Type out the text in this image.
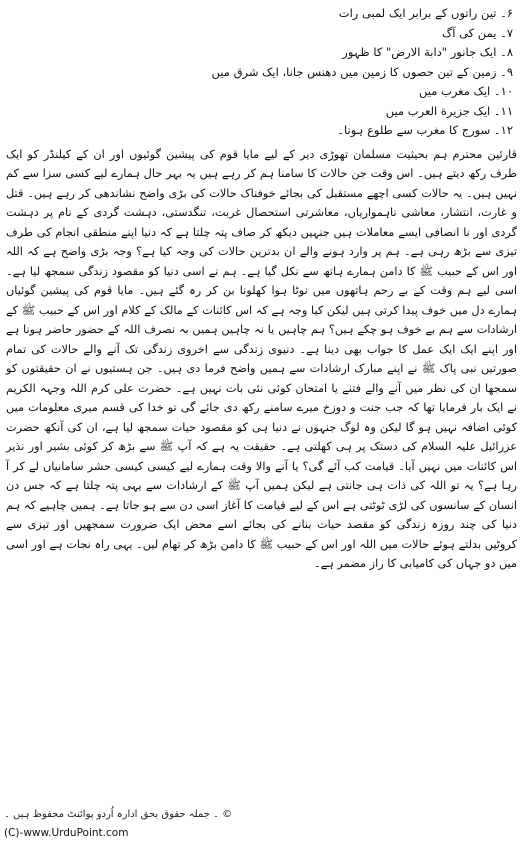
۶۔ تین راتوں کے برابر ایک لمبی رات
۷۔ یمن کی آگ
۸۔ ایک جانور "دابة الارض" کا ظہور
۹۔ زمین کے تین حصوں کا زمین میں دھنس جانا، ایک شرق میں
۱۰۔ ایک مغرب میں
۱۱۔ ایک جزیرة العرب میں
۱۲۔ سورج کا مغرب سے طلوع ہونا۔

قارئین محترم ہم بحیثیت مسلمان تھوڑی دیر کے لیے مایا قوم کی پیشین گوئیوں اور ان کے کیلنڈر کو ایک طرف رکھ دیتے ہیں۔ اس وقت جن حالات کا سامنا ہم کر رہے ہیں یہ بہر حال ہمارے لیے کسی سزا سے کم نہیں ہیں۔ یہ حالات کسی اچھے مستقبل کی بجائے خوفناک حالات کی بڑی واضح نشاندھی کر رہے ہیں۔ قتل و غارت، انتشار، معاشی ناہمواریاں، معاشرتی استحصال غربت، تنگدستی، دہشت گردی کے نام پر دہشت گردی اور نا انصافی ایسے معاملات ہیں جنہیں دیکھ کر صاف پتہ چلتا ہے کہ دنیا اپنے منطقی انجام کی طرف تیزی سے بڑھ رہی ہے۔ ہم پر وارد ہونے والے ان بدترین حالات کی وجہ کیا ہے؟ وجہ بڑی واضح ہے کہ اللہ اور اس کے حبیب ﷺ کا دامن ہمارے ہاتھ سے نکل گیا ہے۔ ہم نے اسی دنیا کو مقصود زندگی سمجھ لیا ہے۔ اسی لیے ہم وقت کے بے رحم ہاتھوں میں نوٹا ہوا کھلونا بن کر رہ گئے ہیں۔ مایا قوم کی پیشین گوئیاں ہمارے دل میں خوف پیدا کرتی ہیں لیکن کیا وجہ ہے کہ اس کائنات کے مالک کے کلام اور اس کے حبیب ﷺ کے ارشادات سے ہم بے خوف ہو چکے ہیں؟ ہم چاہیں یا نہ چاہیں ہمیں بہ نصرف اللہ کے حضور حاضر ہونا ہے اور اپنے ایک ایک عمل کا جواب بھی دینا ہے۔ دنیوی زندگی سے اخروی زندگی تک آنے والے حالات کی تمام صورتیں نبی پاک ﷺ نے اپنے مبارک ارشادات سے ہمیں واضح فرما دی ہیں۔ جن ہستیوں نے ان حقیقتوں کو سمجھا ان کی نظر میں آنے والے فتنے یا امتحان کوئی نئی بات نہیں ہے۔ حضرت علی کرم اللہ وجہہ الکریم نے ایک بار فرمایا تھا کہ جب جنت و دوزخ میرے سامنے رکھ دی جائے گی تو خدا کی قسم میری معلومات میں کوئی اضافہ نہیں ہو گا لیکن وہ لوگ جنہوں نے دنیا ہی کو مقصود حیات سمجھ لیا ہے، ان کی آنکھ حضرت عزرائیل علیہ السلام کی دستک پر ہی کھلتی ہے۔ حقیقت یہ ہے کہ آپ ﷺ سے بڑھ کر کوئی بشیر اور نذیر اس کائنات میں نہیں آیا۔ قیامت کب آئے گی؟ یا آنے والا وقت ہمارے لیے کیسی کیسی حشر سامانیاں لے کر آ رہا ہے؟ یہ تو اللہ کی ذات ہی جانتی ہے لیکن ہمیں آپ ﷺ کے ارشادات سے یہی پتہ چلتا ہے کہ جس دن انسان کے سانسوں کی لڑی ٹوٹتی ہے اس کے لیے قیامت کا آغاز اسی دن سے ہو جاتا ہے۔ ہمیں چاہیے کہ ہم دنیا کی چند روزہ زندگی کو مقصد حیات بنانے کی بجائے اسے محض ایک ضرورت سمجھیں اور تیزی سے کروٹیں بدلتے ہوئے حالات میں اللہ اور اس کے حبیب ﷺ کا دامن بڑھ کر تھام لیں۔ یہی راہ نجات ہے اور اسی میں دو جہاں کی کامیابی کا راز مضمر ہے۔

© ۔ جملہ حقوق بحق ادارہ اُردو پوائنٹ محفوظ ہیں ۔
(C)-www.UrduPoint.com
